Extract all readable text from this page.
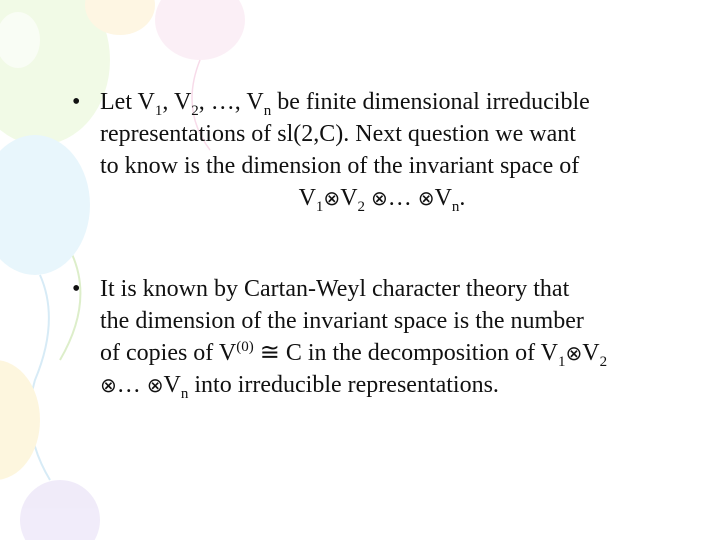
• Let $V_1$, $V_2$, …, $V_n$ be finite dimensional irreducible
representations of sl(2,C). Next question we want
to know is the dimension of the invariant space of
$V_1\otimes V_2$ ⊗… $\otimes V_n$.
• It is known by Cartan-Weyl character theory that
the dimension of the invariant space is the number
of copies of $V^{(0)}$ ≅ C in the decomposition of $V_1\otimes V_2$
⊗… $\otimes V_n$ into irreducible representations.
